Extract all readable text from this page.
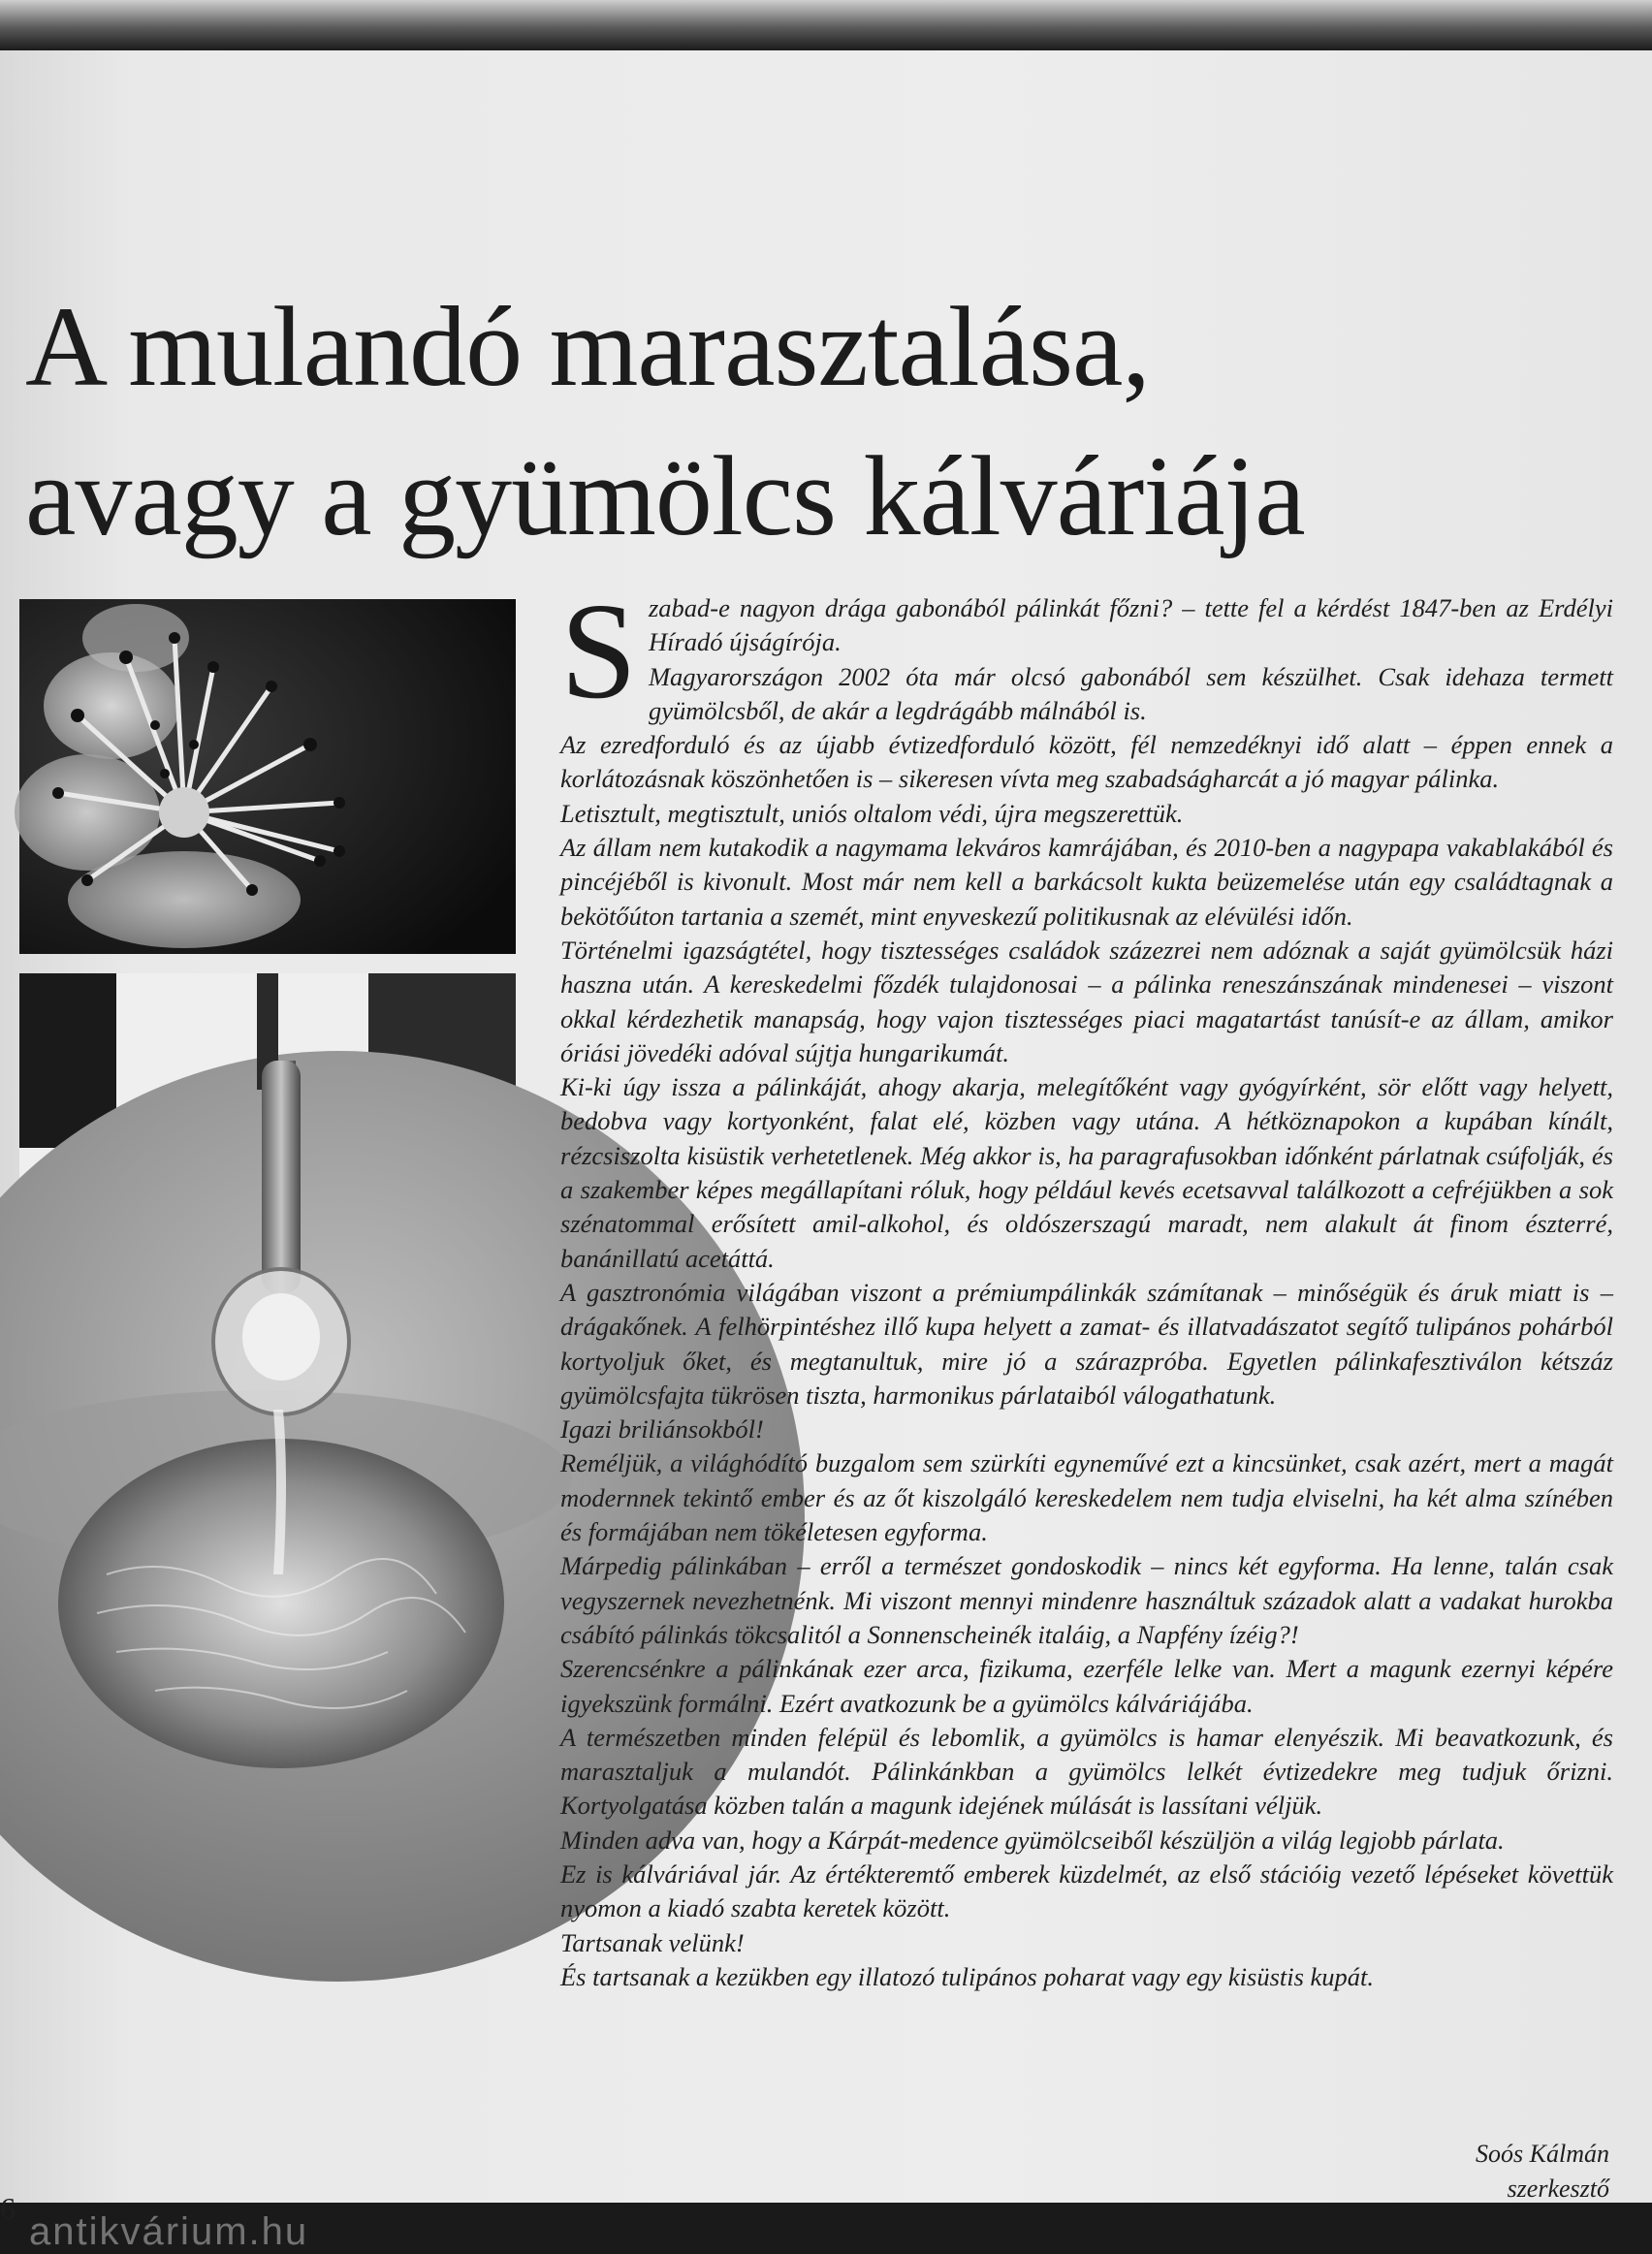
A mulandó marasztalása,
avagy a gyümölcs kálváriája
S zabad-e nagyon drága gabonából pálinkát főzni? – tette fel a kérdést 1847-ben az Erdélyi Híradó újságírója.
Magyarországon 2002 óta már olcsó gabonából sem készülhet. Csak idehaza termett gyümölcsből, de akár a legdrágább málnából is.
Az ezredforduló és az újabb évtizedforduló között, fél nemzedéknyi idő alatt – éppen ennek a korlátozásnak köszönhetően is – sikeresen vívta meg szabadságharcát a jó magyar pálinka.
Letisztult, megtisztult, uniós oltalom védi, újra megszerettük.
Az állam nem kutakodik a nagymama lekváros kamrájában, és 2010-ben a nagypapa vakablakából és pincéjéből is kivonult. Most már nem kell a barkácsolt kukta beüzemelése után egy családtagnak a bekötőúton tartania a szemét, mint enyveskezű politikusnak az elévülési időn.
Történelmi igazságtétel, hogy tisztességes családok százezrei nem adóznak a saját gyümölcsük házi haszna után. A kereskedelmi főzdék tulajdonosai – a pálinka reneszánszának mindenesei – viszont okkal kérdezhetik manapság, hogy vajon tisztességes piaci magatartást tanúsít-e az állam, amikor óriási jövedéki adóval sújtja hungarikumát.
Ki-ki úgy issza a pálinkáját, ahogy akarja, melegítőként vagy gyógyírként, sör előtt vagy helyett, bedobva vagy kortyonként, falat elé, közben vagy utána. A hétköznapokon a kupában kínált, rézcsiszolta kisüstik verhetetlenek. Még akkor is, ha paragrafusokban időnként párlatnak csúfolják, és a szakember képes megállapítani róluk, hogy például kevés ecetsavval találkozott a cefréjükben a sok szénatommal erősített amil-alkohol, és oldószerszagú maradt, nem alakult át finom észterré, banánillatú acetáttá.
A gasztronómia világában viszont a prémiumpálinkák számítanak – minőségük és áruk miatt is – drágakőnek. A felhörpintéshez illő kupa helyett a zamat- és illatvadászatot segítő tulipános pohárból kortyoljuk őket, és megtanultuk, mire jó a szárazpróba. Egyetlen pálinkafesztiválon kétszáz gyümölcsfajta tükrösen tiszta, harmonikus párlataiból válogathatunk.
Igazi briliánsokból!
Reméljük, a világhódító buzgalom sem szürkíti egyneművé ezt a kincsünket, csak azért, mert a magát modernnek tekintő ember és az őt kiszolgáló kereskedelem nem tudja elviselni, ha két alma színében és formájában nem tökéletesen egyforma.
Márpedig pálinkában – erről a természet gondoskodik – nincs két egyforma. Ha lenne, talán csak vegyszernek nevezhetnénk. Mi viszont mennyi mindenre használtuk századok alatt a vadakat hurokba csábító pálinkás tökcsalitól a Sonnenscheinék italáig, a Napfény ízéig?!
Szerencsénkre a pálinkának ezer arca, fizikuma, ezerféle lelke van. Mert a magunk ezernyi képére igyekszünk formálni. Ezért avatkozunk be a gyümölcs kálváriájába.
A természetben minden felépül és lebomlik, a gyümölcs is hamar elenyészik. Mi beavatkozunk, és marasztaljuk a mulandót. Pálinkánkban a gyümölcs lelkét évtizedekre meg tudjuk őrizni. Kortyolgatása közben talán a magunk idejének múlását is lassítani véljük.
Minden adva van, hogy a Kárpát-medence gyümölcseiből készüljön a világ legjobb párlata.
Ez is kálváriával jár. Az értékteremtő emberek küzdelmét, az első stációig vezető lépéseket követtük nyomon a kiadó szabta keretek között.
Tartsanak velünk!
És tartsanak a kezükben egy illatozó tulipános poharat vagy egy kisüstis kupát.
Soós Kálmán
szerkesztő
6
antikvárium.hu
